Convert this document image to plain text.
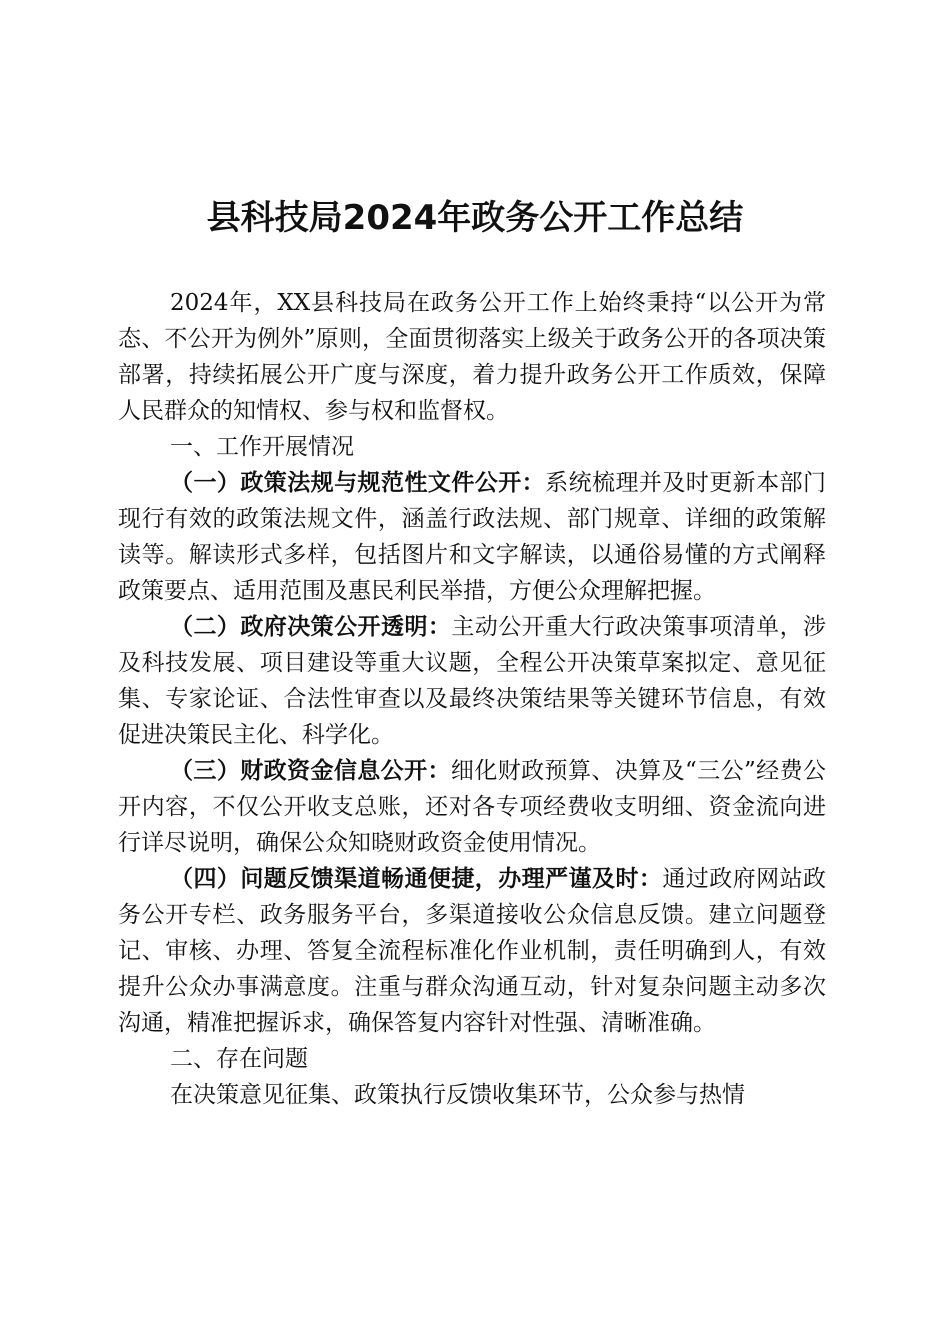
县科技局2024年政务公开工作总结

2024年，XX县科技局在政务公开工作上始终秉持“以公开为常态、不公开为例外”原则，全面贯彻落实上级关于政务公开的各项决策部署，持续拓展公开广度与深度，着力提升政务公开工作质效，保障人民群众的知情权、参与权和监督权。

一、工作开展情况

（一）政策法规与规范性文件公开：系统梳理并及时更新本部门现行有效的政策法规文件，涵盖行政法规、部门规章、详细的政策解读等。解读形式多样，包括图片和文字解读，以通俗易懂的方式阐释政策要点、适用范围及惠民利民举措，方便公众理解把握。

（二）政府决策公开透明：主动公开重大行政决策事项清单，涉及科技发展、项目建设等重大议题，全程公开决策草案拟定、意见征集、专家论证、合法性审查以及最终决策结果等关键环节信息，有效促进决策民主化、科学化。

（三）财政资金信息公开：细化财政预算、决算及“三公”经费公开内容，不仅公开收支总账，还对各专项经费收支明细、资金流向进行详尽说明，确保公众知晓财政资金使用情况。

（四）问题反馈渠道畅通便捷，办理严谨及时：通过政府网站政务公开专栏、政务服务平台，多渠道接收公众信息反馈。建立问题登记、审核、办理、答复全流程标准化作业机制，责任明确到人，有效提升公众办事满意度。注重与群众沟通互动，针对复杂问题主动多次沟通，精准把握诉求，确保答复内容针对性强、清晰准确。

二、存在问题

在决策意见征集、政策执行反馈收集环节，公众参与热情
